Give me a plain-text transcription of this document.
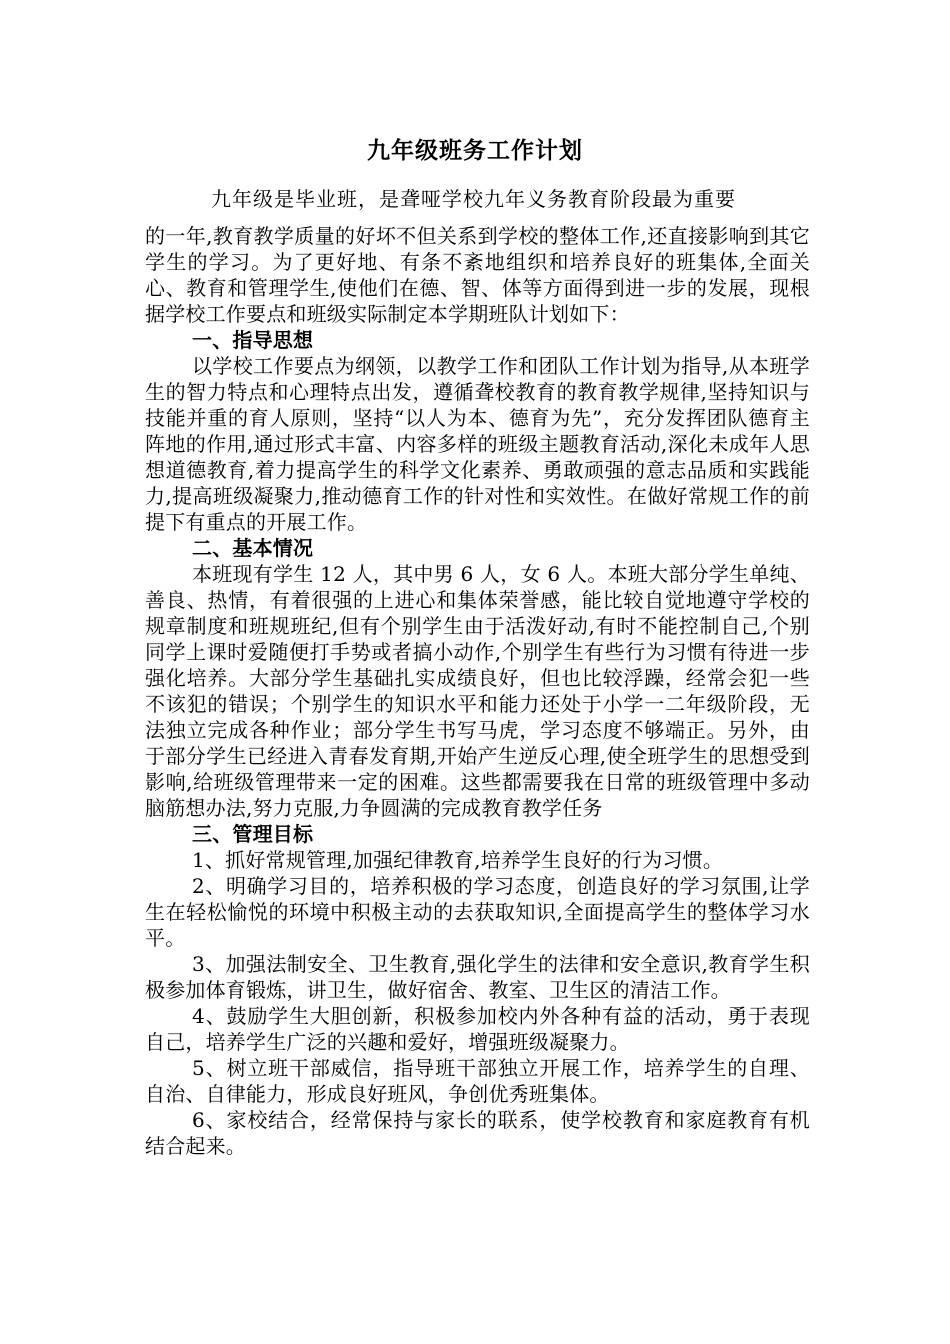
九年级班务工作计划

九年级是毕业班，是聋哑学校九年义务教育阶段最为重要

的一年,教育教学质量的好坏不但关系到学校的整体工作,还直接影响到其它学生的学习。为了更好地、有条不紊地组织和培养良好的班集体,全面关心、教育和管理学生,使他们在德、智、体等方面得到进一步的发展，现根据学校工作要点和班级实际制定本学期班队计划如下：

一、指导思想

以学校工作要点为纲领，以教学工作和团队工作计划为指导,从本班学生的智力特点和心理特点出发，遵循聋校教育的教育教学规律,坚持知识与技能并重的育人原则，坚持“以人为本、德育为先”，充分发挥团队德育主阵地的作用,通过形式丰富、内容多样的班级主题教育活动,深化未成年人思想道德教育,着力提高学生的科学文化素养、勇敢顽强的意志品质和实践能力,提高班级凝聚力,推动德育工作的针对性和实效性。在做好常规工作的前提下有重点的开展工作。

二、基本情况

本班现有学生 12 人，其中男 6 人，女 6 人。本班大部分学生单纯、善良、热情，有着很强的上进心和集体荣誉感，能比较自觉地遵守学校的规章制度和班规班纪,但有个别学生由于活泼好动,有时不能控制自己,个别同学上课时爱随便打手势或者搞小动作,个别学生有些行为习惯有待进一步强化培养。大部分学生基础扎实成绩良好，但也比较浮躁，经常会犯一些不该犯的错误；个别学生的知识水平和能力还处于小学一二年级阶段，无法独立完成各种作业；部分学生书写马虎，学习态度不够端正。另外，由于部分学生已经进入青春发育期,开始产生逆反心理,使全班学生的思想受到影响,给班级管理带来一定的困难。这些都需要我在日常的班级管理中多动脑筋想办法,努力克服,力争圆满的完成教育教学任务

三、管理目标

1、抓好常规管理,加强纪律教育,培养学生良好的行为习惯。

2、明确学习目的，培养积极的学习态度，创造良好的学习氛围,让学生在轻松愉悦的环境中积极主动的去获取知识,全面提高学生的整体学习水平。

3、加强法制安全、卫生教育,强化学生的法律和安全意识,教育学生积极参加体育锻炼，讲卫生，做好宿舍、教室、卫生区的清洁工作。

4、鼓励学生大胆创新，积极参加校内外各种有益的活动，勇于表现自己，培养学生广泛的兴趣和爱好，增强班级凝聚力。

5、树立班干部威信，指导班干部独立开展工作，培养学生的自理、自治、自律能力，形成良好班风，争创优秀班集体。

6、家校结合，经常保持与家长的联系，使学校教育和家庭教育有机结合起来。
